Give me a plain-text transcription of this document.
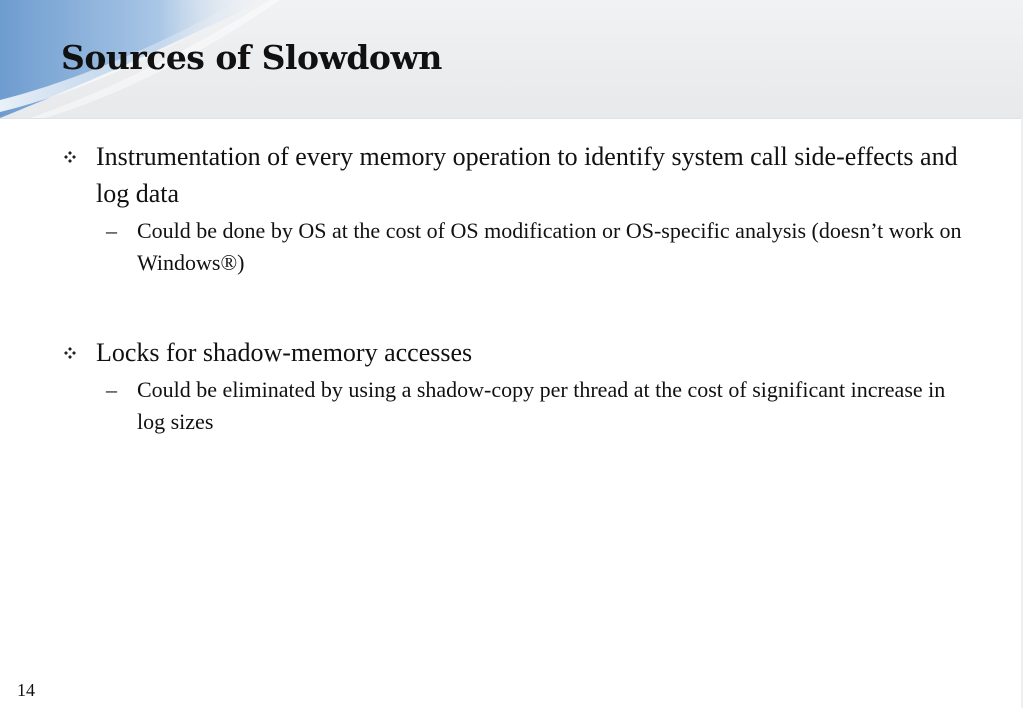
Sources of Slowdown
Instrumentation of every memory operation to identify system call side-effects and log data
– Could be done by OS at the cost of OS modification or OS-specific analysis (doesn’t work on Windows®)
Locks for shadow-memory accesses
– Could be eliminated by using a shadow-copy per thread at the cost of significant increase in log sizes
14
